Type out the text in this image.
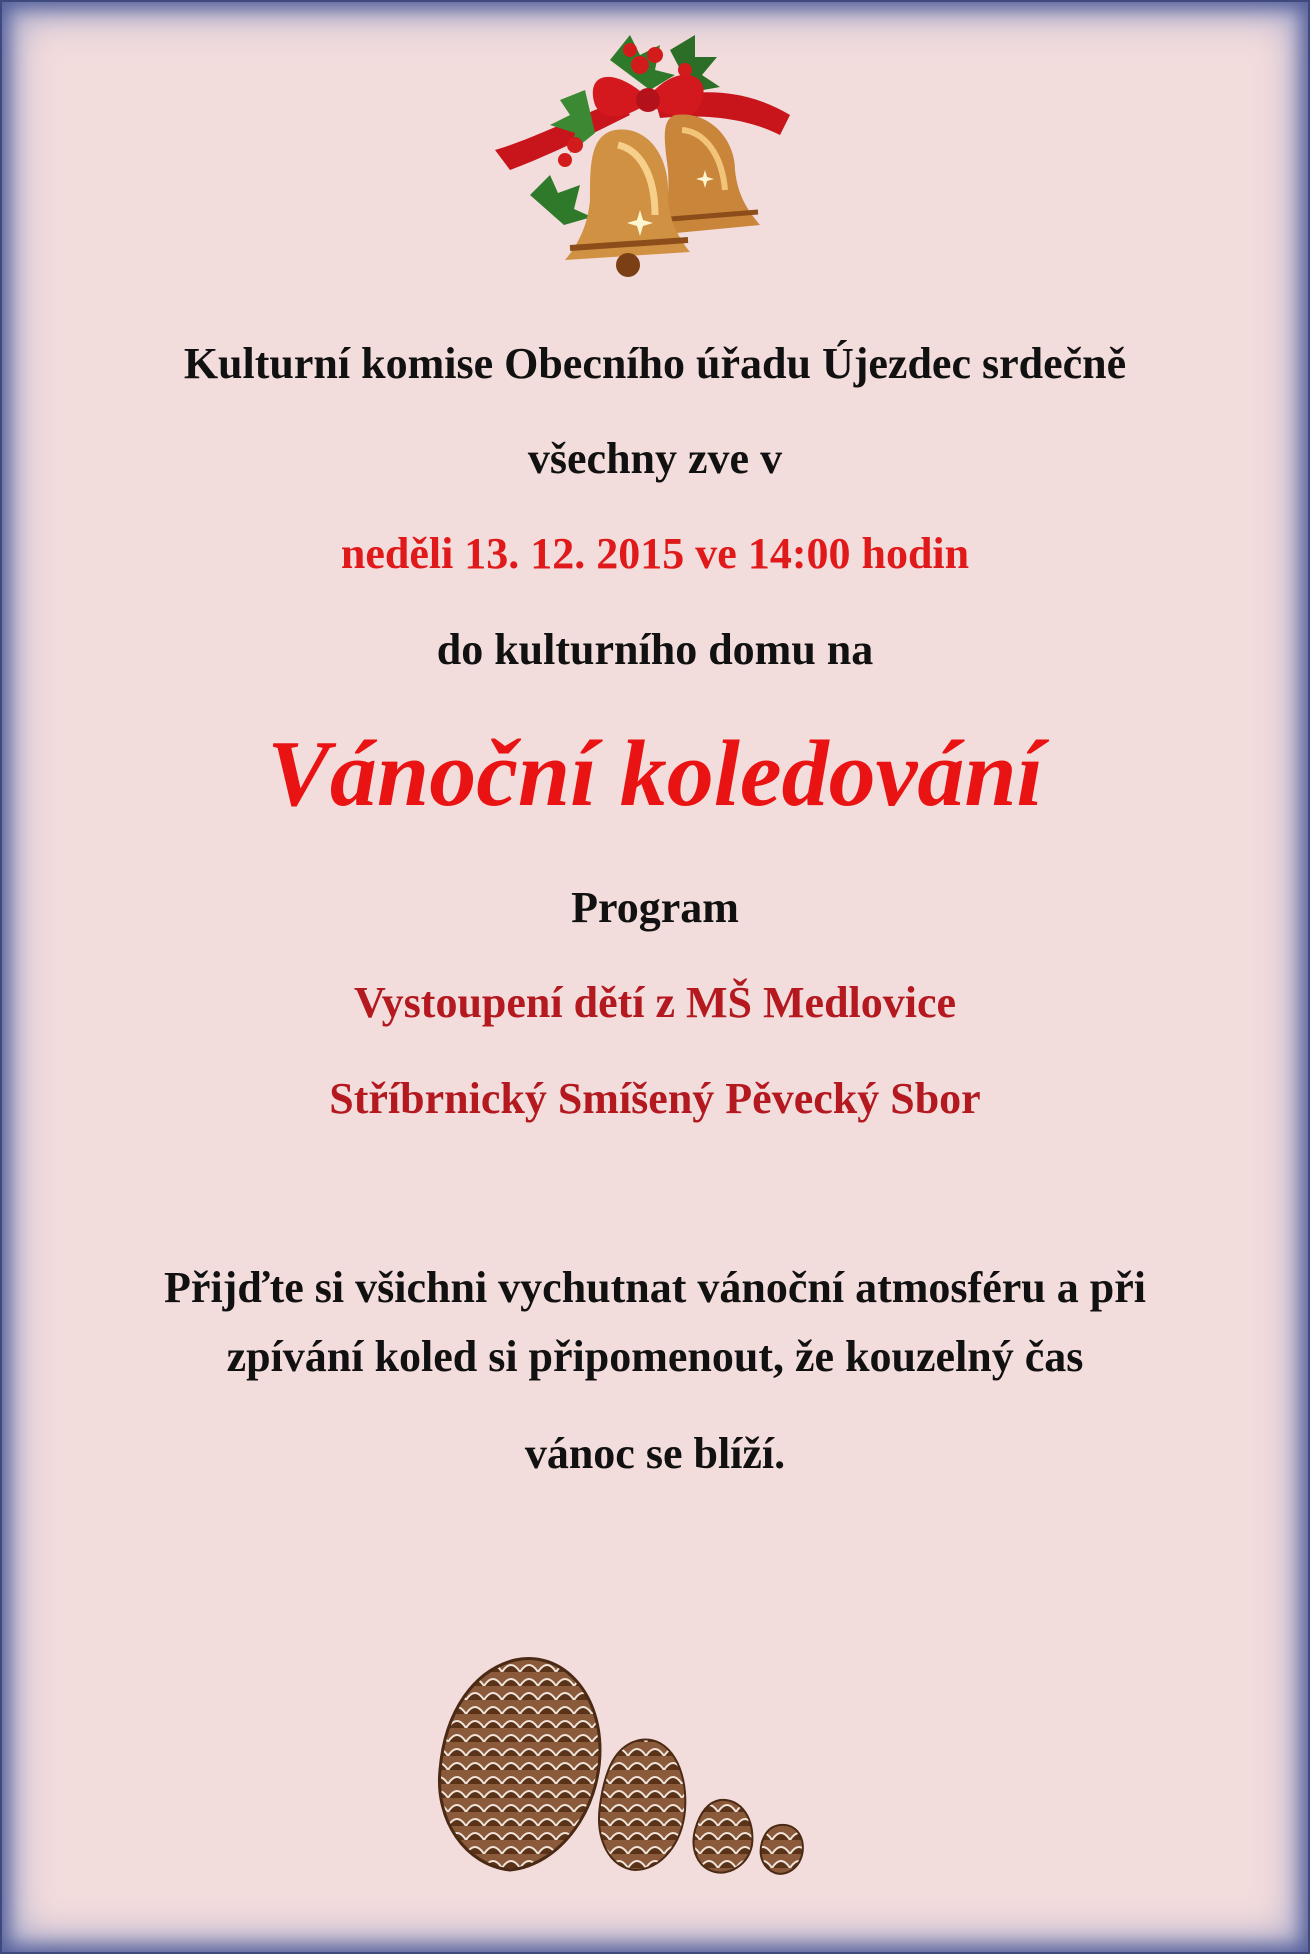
Kulturní komise Obecního úřadu Újezdec srdečně
všechny zve v
neděli 13. 12. 2015 ve 14:00 hodin
do kulturního domu na
Vánoční koledování
Program
Vystoupení dětí z MŠ Medlovice
Stříbrnický Smíšený Pěvecký Sbor
Přijďte si všichni vychutnat vánoční atmosféru a při
zpívání koled si připomenout, že kouzelný čas
vánoc se blíží.
